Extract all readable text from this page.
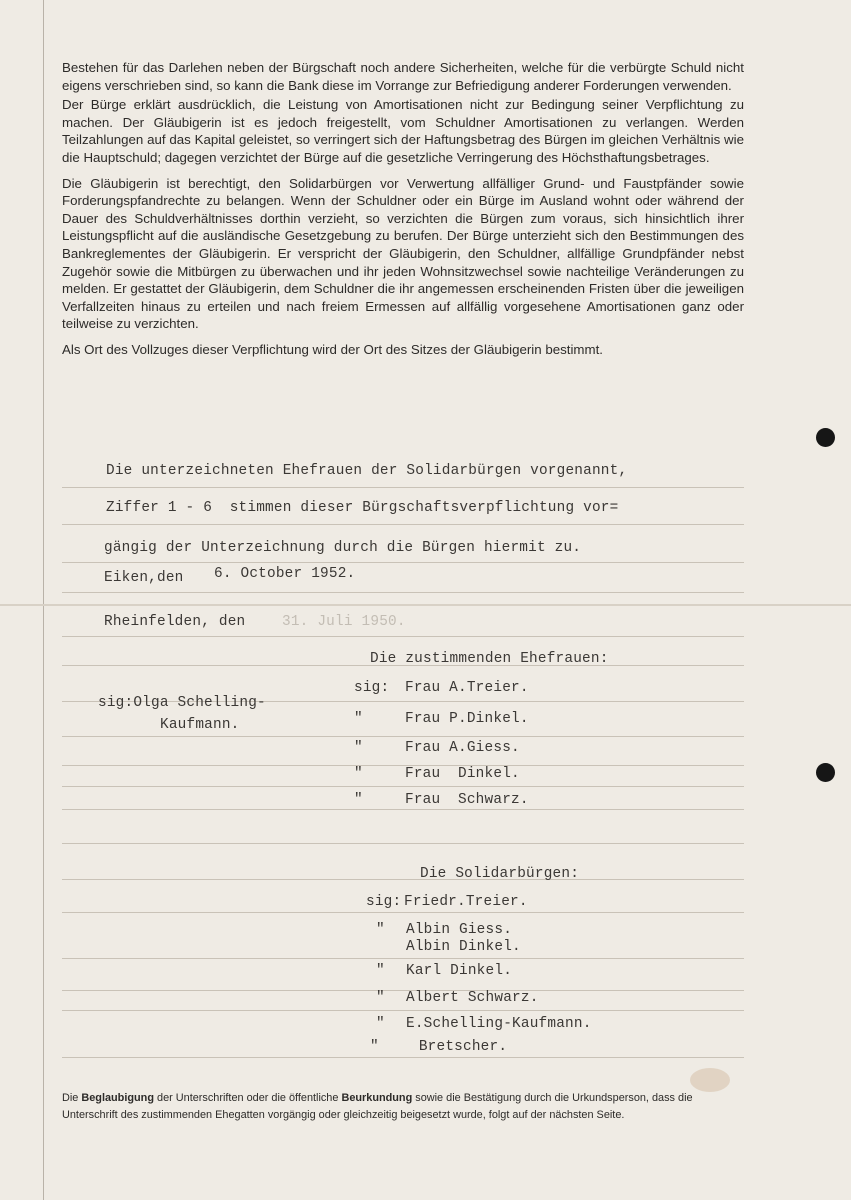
Bestehen für das Darlehen neben der Bürgschaft noch andere Sicherheiten, welche für die verbürgte Schuld nicht eigens verschrieben sind, so kann die Bank diese im Vorrange zur Befriedigung anderer Forderungen verwenden.

Der Bürge erklärt ausdrücklich, die Leistung von Amortisationen nicht zur Bedingung seiner Verpflichtung zu machen. Der Gläubigerin ist es jedoch freigestellt, vom Schuldner Amortisationen zu verlangen. Werden Teilzahlungen auf das Kapital geleistet, so verringert sich der Haftungsbetrag des Bürgen im gleichen Verhältnis wie die Hauptschuld; dagegen verzichtet der Bürge auf die gesetzliche Verringerung des Höchsthaftungsbetrages.

Die Gläubigerin ist berechtigt, den Solidarbürgen vor Verwertung allfälliger Grund- und Faustpfänder sowie Forderungspfandrechte zu belangen. Wenn der Schuldner oder ein Bürge im Ausland wohnt oder während der Dauer des Schuldverhältnisses dorthin verzieht, so verzichten die Bürgen zum voraus, sich hinsichtlich ihrer Leistungspflicht auf die ausländische Gesetzgebung zu berufen. Der Bürge unterzieht sich den Bestimmungen des Bankreglementes der Gläubigerin. Er verspricht der Gläubigerin, den Schuldner, allfällige Grundpfänder nebst Zugehör sowie die Mitbürgen zu überwachen und ihr jeden Wohnsitzwechsel sowie nachteilige Veränderungen zu melden. Er gestattet der Gläubigerin, dem Schuldner die ihr angemessen erscheinenden Fristen über die jeweiligen Verfallzeiten hinaus zu erteilen und nach freiem Ermessen auf allfällig vorgesehene Amortisationen ganz oder teilweise zu verzichten.

Als Ort des Vollzuges dieser Verpflichtung wird der Ort des Sitzes der Gläubigerin bestimmt.

Die unterzeichneten Ehefrauen der Solidarbürgen vorgenannt,
Ziffer 1 - 6  stimmen dieser Bürgschaftsverpflichtung vor=
gängig der Unterzeichnung durch die Bürgen hiermit zu.
Eiken,den 6. October 1952.
Rheinfelden, den	31. Juli 1950.
Die zustimmenden Ehefrauen:
sig:Olga Schelling-
Kaufmann.
sig: Frau A.Treier.
"	Frau P.Dinkel.
"	Frau A.Giess.
"	Frau  Dinkel.
"	Frau  Schwarz.
Die Solidarbürgen:
sig: Friedr.Treier.
" Albin Giess.
Albin Dinkel.
" Karl Dinkel.
" Albert Schwarz.
" E.Schelling-Kaufmann.
" Bretscher.
Die Beglaubigung der Unterschriften oder die öffentliche Beurkundung sowie die Bestätigung durch die Urkundsperson, dass die Unterschrift des zustimmenden Ehegatten vorgängig oder gleichzeitig beigesetzt wurde, folgt auf der nächsten Seite.
